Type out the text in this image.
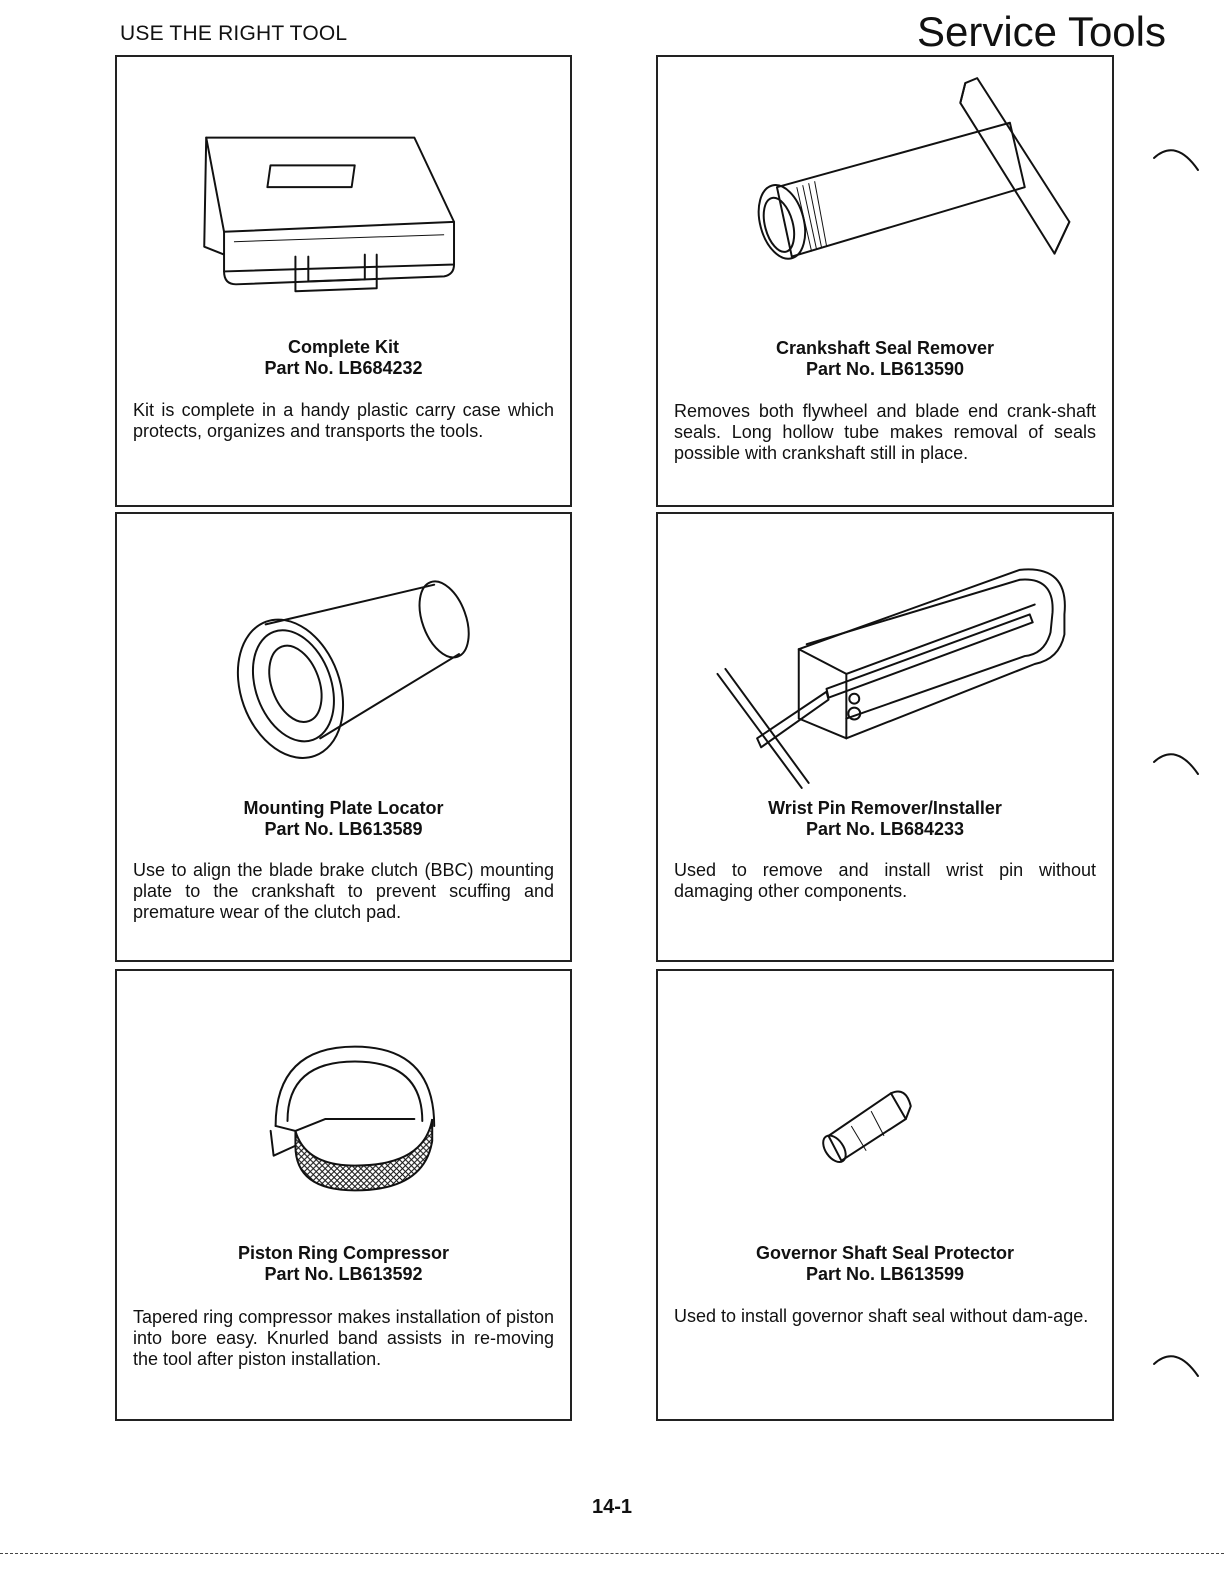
USE THE RIGHT TOOL	Service Tools
Complete Kit
Part No. LB684232
Kit is complete in a handy plastic carry case which protects, organizes and transports the tools.
Crankshaft Seal Remover
Part No. LB613590
Removes both flywheel and blade end crank-shaft seals. Long hollow tube makes removal of seals possible with crankshaft still in place.
Mounting Plate Locator
Part No. LB613589
Use to align the blade brake clutch (BBC) mounting plate to the crankshaft to prevent scuffing and premature wear of the clutch pad.
Wrist Pin Remover/Installer
Part No. LB684233
Used to remove and install wrist pin without damaging other components.
Piston Ring Compressor
Part No. LB613592
Tapered ring compressor makes installation of piston into bore easy. Knurled band assists in re-moving the tool after piston installation.
Governor Shaft Seal Protector
Part No. LB613599
Used to install governor shaft seal without dam-age.
14-1
